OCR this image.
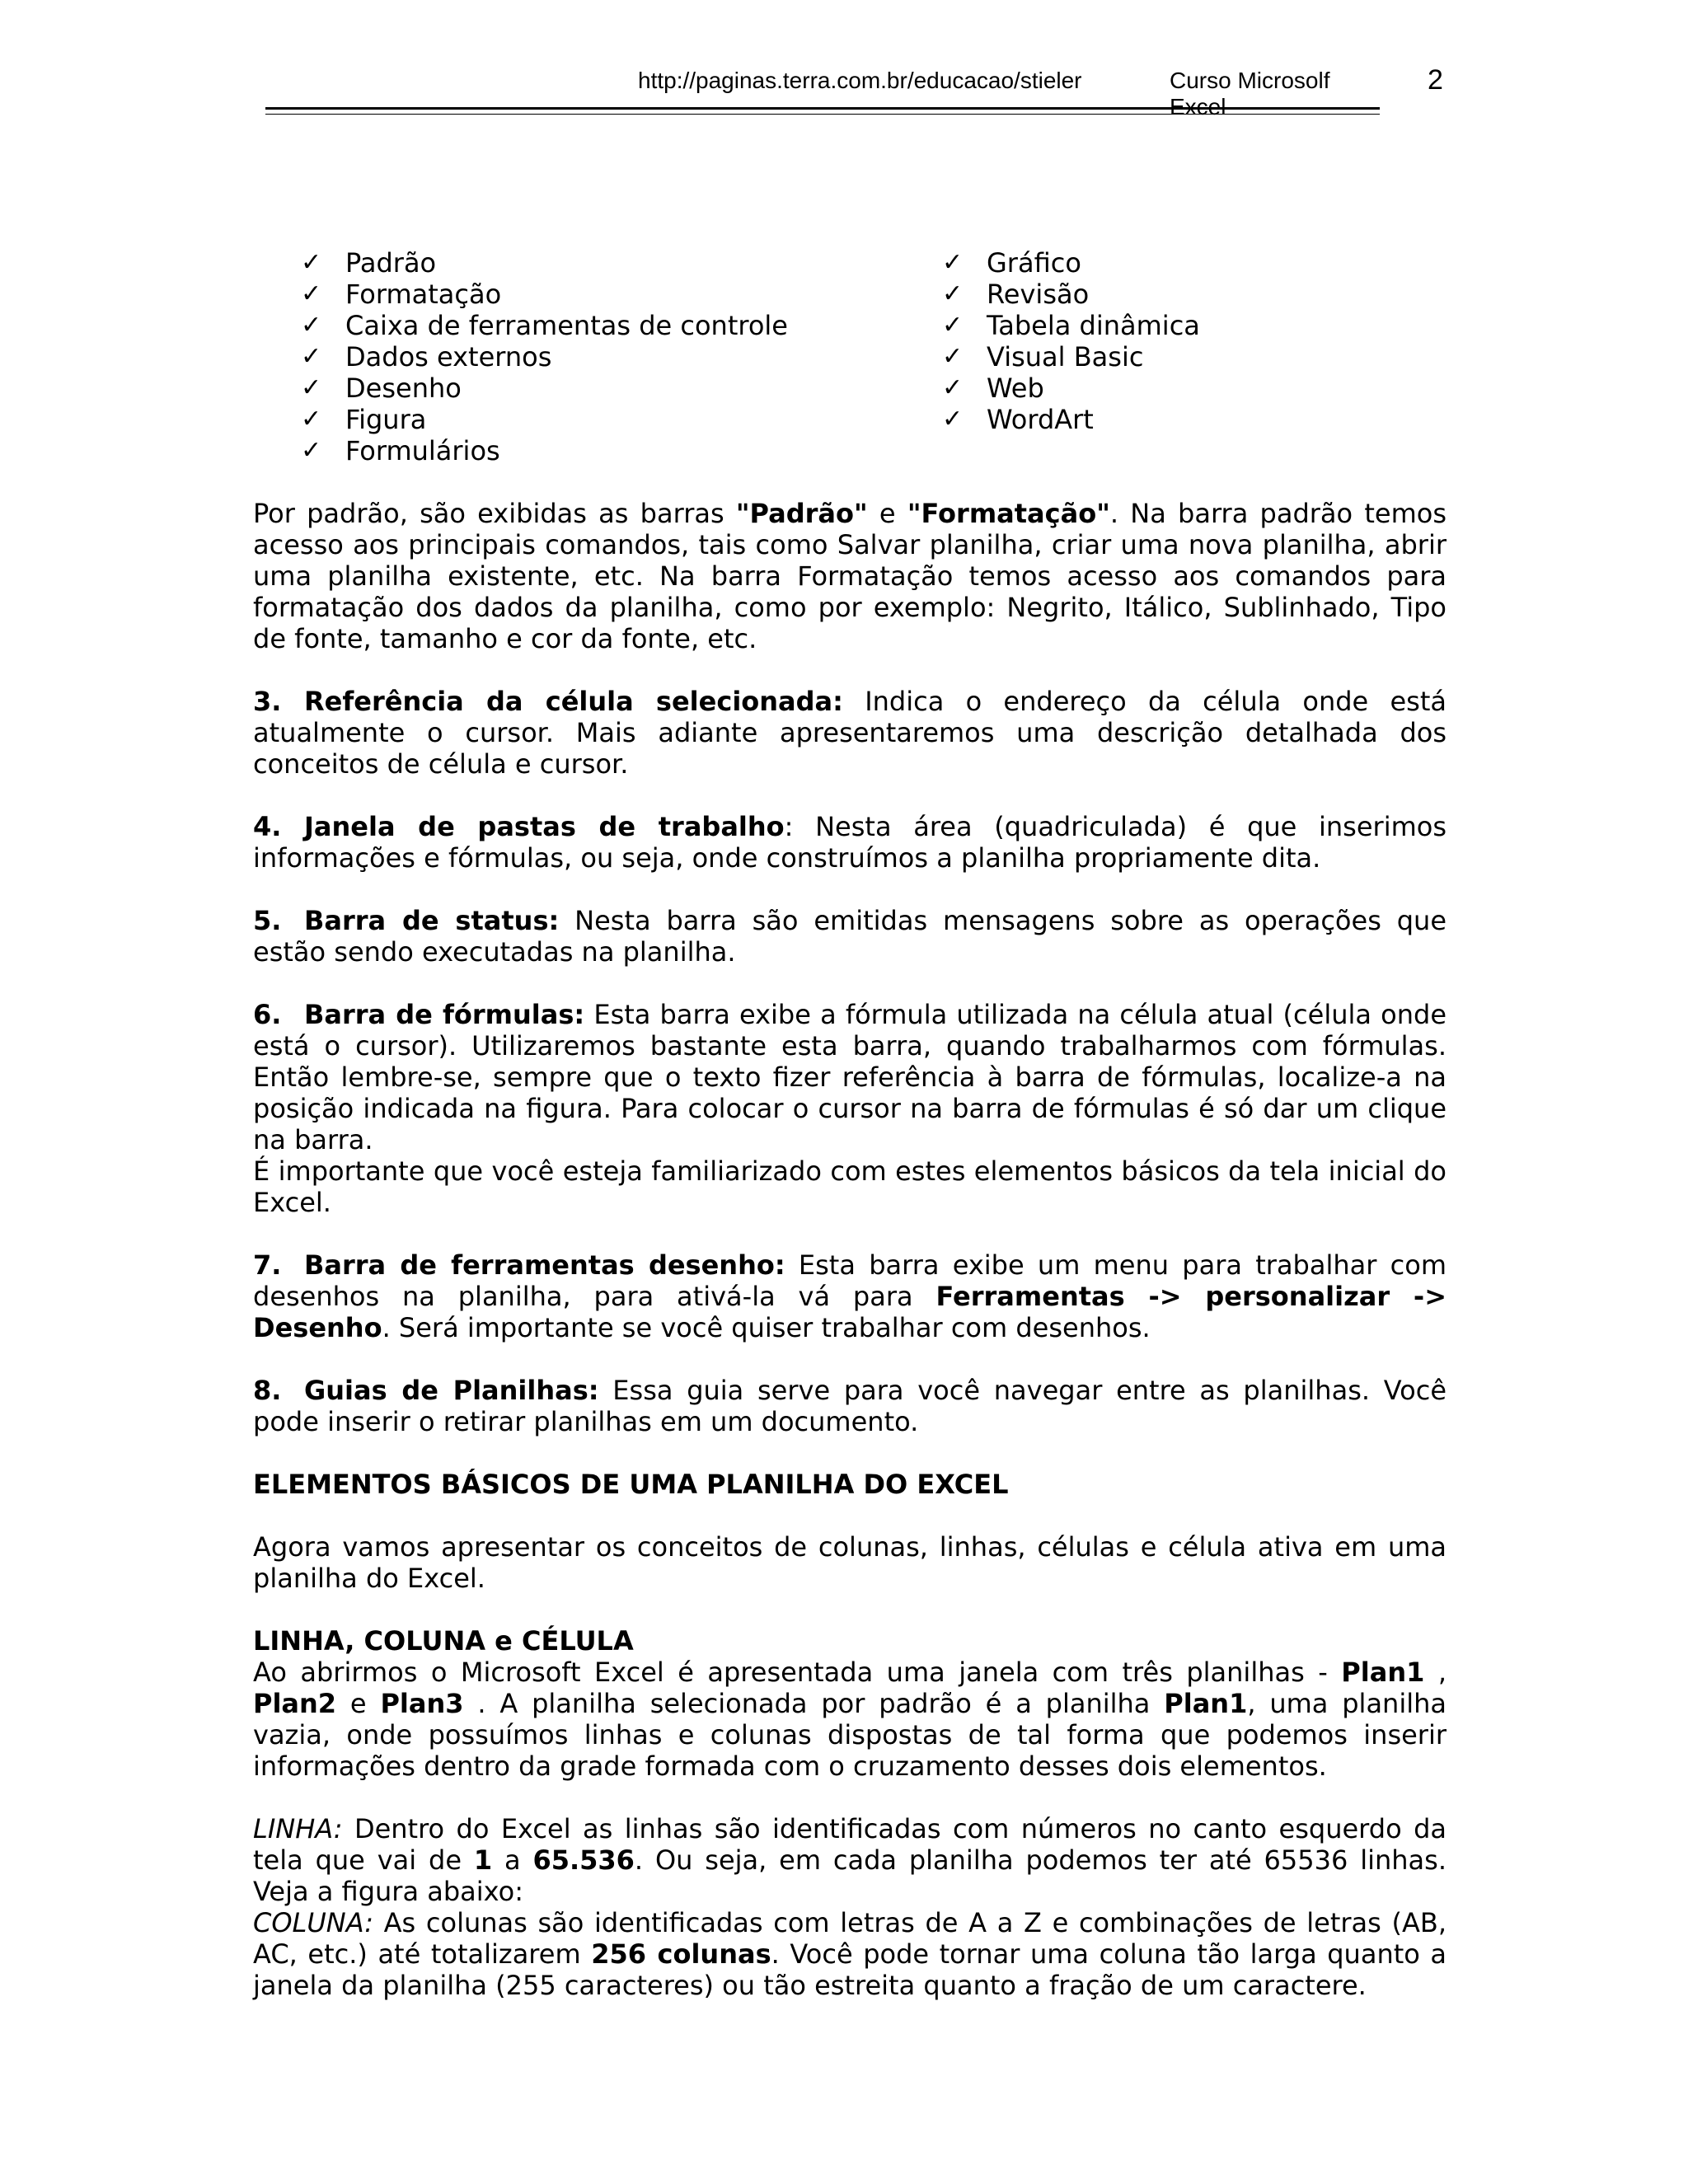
http://paginas.terra.com.br/educacao/stieler	Curso Microsolf Excel
2
✓ Padrão
✓ Formatação
✓ Caixa de ferramentas de controle
✓ Dados externos
✓ Desenho
✓ Figura
✓ Formulários
✓ Gráfico
✓ Revisão
✓ Tabela dinâmica
✓ Visual Basic
✓ Web
✓ WordArt

Por padrão, são exibidas as barras "Padrão" e "Formatação". Na barra padrão temos acesso aos principais comandos, tais como Salvar planilha, criar uma nova planilha, abrir uma planilha existente, etc. Na barra Formatação temos acesso aos comandos para formatação dos dados da planilha, como por exemplo: Negrito, Itálico, Sublinhado, Tipo de fonte, tamanho e cor da fonte, etc.

3. Referência da célula selecionada: Indica o endereço da célula onde está atualmente o cursor. Mais adiante apresentaremos uma descrição detalhada dos conceitos de célula e cursor.

4. Janela de pastas de trabalho: Nesta área (quadriculada) é que inserimos informações e fórmulas, ou seja, onde construímos a planilha propriamente dita.

5. Barra de status: Nesta barra são emitidas mensagens sobre as operações que estão sendo executadas na planilha.

6. Barra de fórmulas: Esta barra exibe a fórmula utilizada na célula atual (célula onde está o cursor). Utilizaremos bastante esta barra, quando trabalharmos com fórmulas. Então lembre-se, sempre que o texto fizer referência à barra de fórmulas, localize-a na posição indicada na figura. Para colocar o cursor na barra de fórmulas é só dar um clique na barra.

É importante que você esteja familiarizado com estes elementos básicos da tela inicial do Excel.

7. Barra de ferramentas desenho: Esta barra exibe um menu para trabalhar com desenhos na planilha, para ativá-la vá para Ferramentas -> personalizar -> Desenho. Será importante se você quiser trabalhar com desenhos.

8. Guias de Planilhas: Essa guia serve para você navegar entre as planilhas. Você pode inserir o retirar planilhas em um documento.

ELEMENTOS BÁSICOS DE UMA PLANILHA DO EXCEL

Agora vamos apresentar os conceitos de colunas, linhas, células e célula ativa em uma planilha do Excel.

LINHA, COLUNA e CÉLULA

Ao abrirmos o Microsoft Excel é apresentada uma janela com três planilhas - Plan1 , Plan2 e Plan3 . A planilha selecionada por padrão é a planilha Plan1, uma planilha vazia, onde possuímos linhas e colunas dispostas de tal forma que podemos inserir informações dentro da grade formada com o cruzamento desses dois elementos.

LINHA: Dentro do Excel as linhas são identificadas com números no canto esquerdo da tela que vai de 1 a 65.536. Ou seja, em cada planilha podemos ter até 65536 linhas. Veja a figura abaixo:

COLUNA: As colunas são identificadas com letras de A a Z e combinações de letras (AB, AC, etc.) até totalizarem 256 colunas. Você pode tornar uma coluna tão larga quanto a janela da planilha (255 caracteres) ou tão estreita quanto a fração de um caractere.
